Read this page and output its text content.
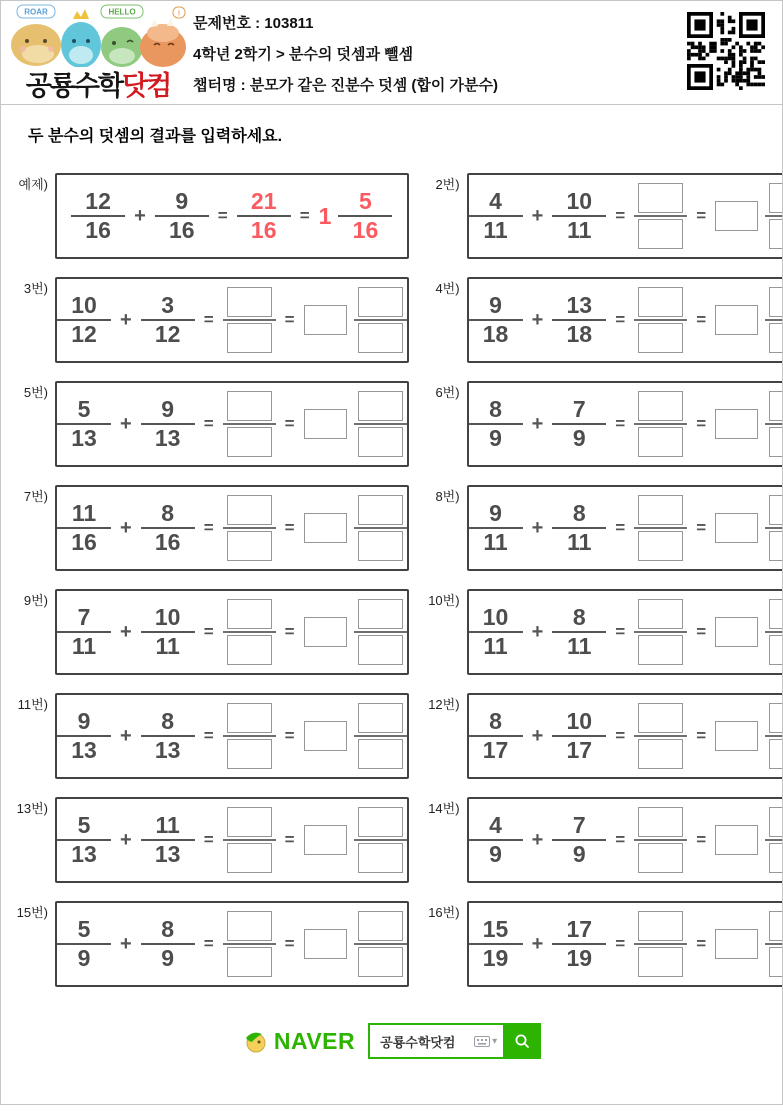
ROAR	HELLO	!
공룡수학닷컴
문제번호 : 103811
4학년 2학기 > 분수의 덧셈과 뺄셈
챕터명 : 분모가 같은 진분수 덧셈 (합이 가분수)
두 분수의 덧셈의 결과를 입력하세요.
예제)
$\frac{12}{16} + \frac{9}{16} = \frac{21}{16} = 1 \frac{5}{16}$
2번)
$\frac{4}{11} + \frac{10}{11}$ =	=
3번)
$\frac{10}{12} + \frac{3}{12}$ =	=
4번)
$\frac{9}{18} + \frac{13}{18}$ =	=
5번)
$\frac{5}{13} + \frac{9}{13}$ =	=
6번)
$\frac{8}{9} + \frac{7}{9}$ =	=
7번)
$\frac{11}{16} + \frac{8}{16}$ =	=
8번)
$\frac{9}{11} + \frac{8}{11}$ =	=
9번)
$\frac{7}{11} + \frac{10}{11}$ =	=
10번)
$\frac{10}{11} + \frac{8}{11}$ =	=
11번)
$\frac{9}{13} + \frac{8}{13}$ =	=
12번)
$\frac{8}{17} + \frac{10}{17}$ =	=
13번)
$\frac{5}{13} + \frac{11}{13}$ =	=
14번)
$\frac{4}{9} + \frac{7}{9}$ =	=
15번)
$\frac{5}{9} + \frac{8}{9}$ =	=
16번)
$\frac{15}{19} + \frac{17}{19}$ =	=
NAVER	공룡수학닷컴	▾
